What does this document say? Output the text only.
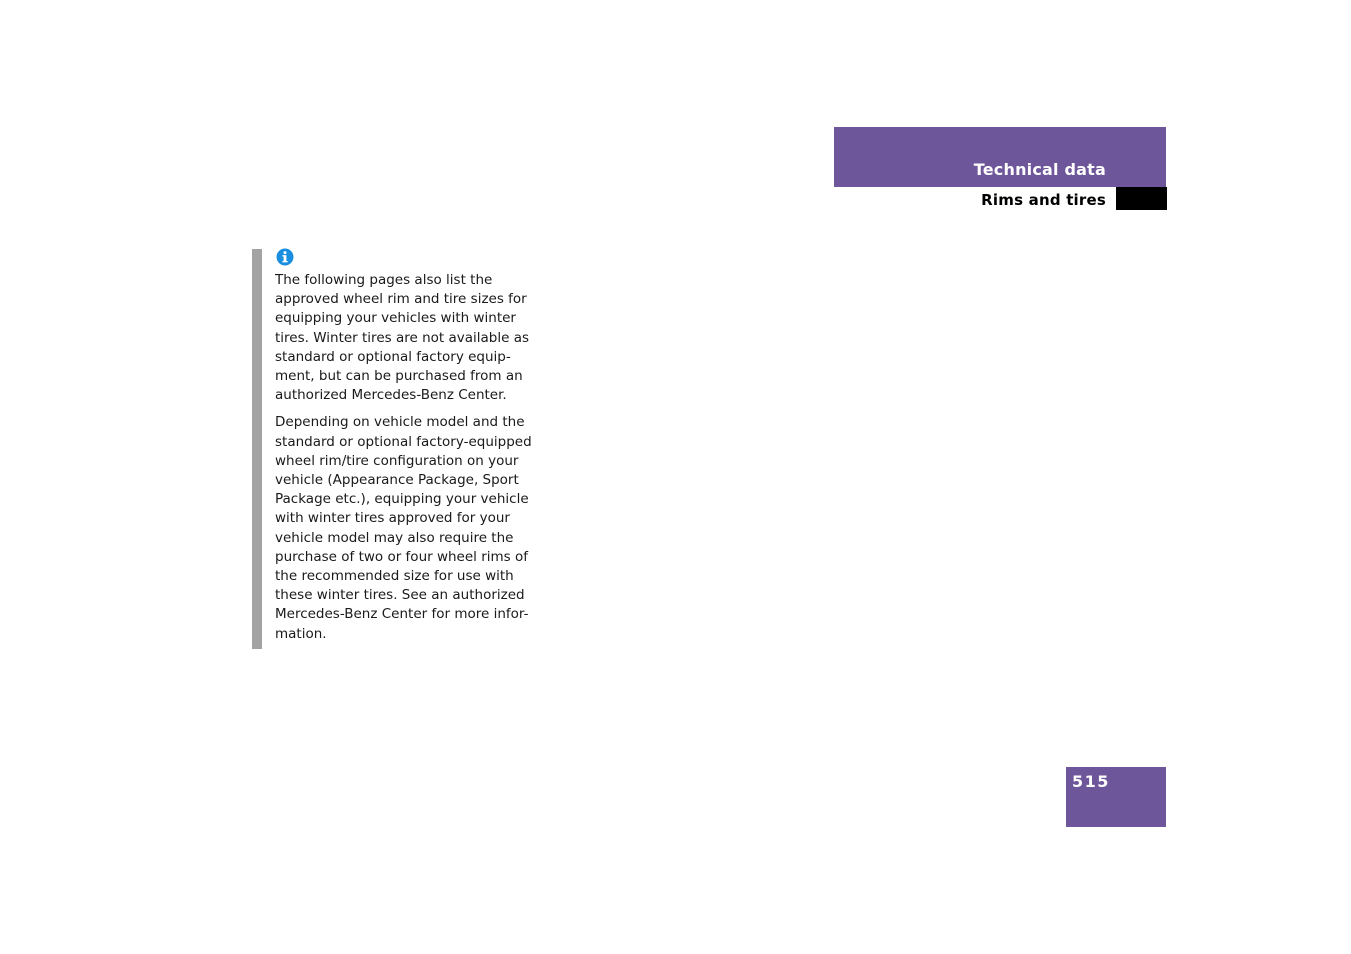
Technical data
Rims and tires

The following pages also list the approved wheel rim and tire sizes for equipping your vehicles with winter tires. Winter tires are not available as standard or optional factory equip-ment, but can be purchased from an authorized Mercedes-Benz Center.

Depending on vehicle model and the standard or optional factory-equipped wheel rim/tire configuration on your vehicle (Appearance Package, Sport Package etc.), equipping your vehicle with winter tires approved for your vehicle model may also require the purchase of two or four wheel rims of the recommended size for use with these winter tires. See an authorized Mercedes-Benz Center for more infor-mation.

515
